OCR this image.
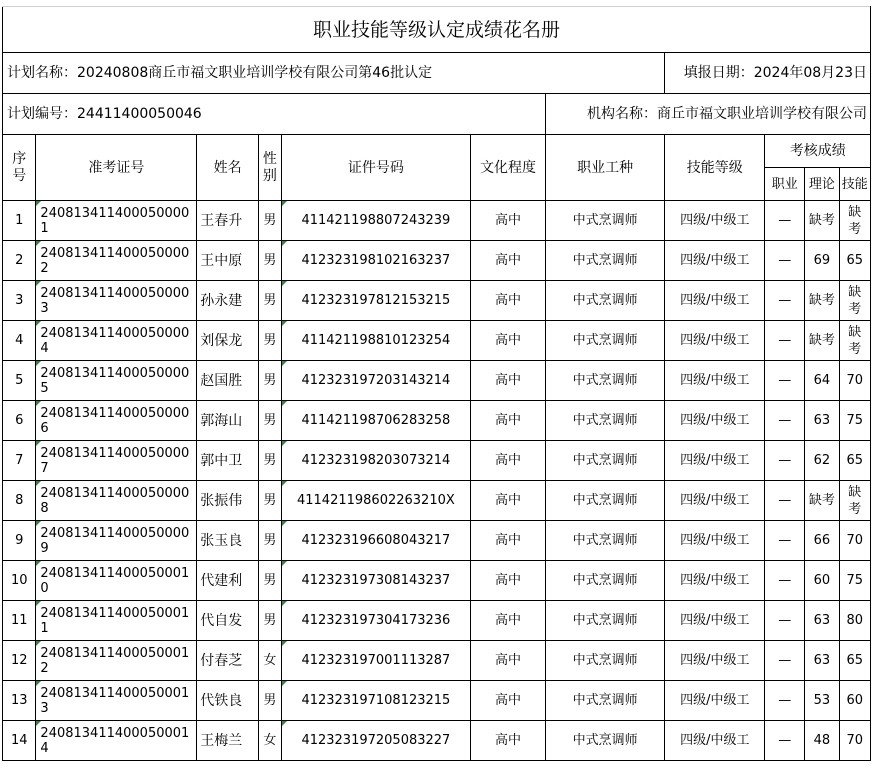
职业技能等级认定成绩花名册										
计划名称：20240808商丘市福文职业培训学校有限公司第46批认定							填报日期：2024年08月23日			
计划编号：24411400050046						机构名称：商丘市福文职业培训学校有限公司				
序号	准考证号	姓名	性别	证件号码	文化程度	职业工种	技能等级	考核成绩		
								职业	理论	技能
1	2408134114000500001	王春升	男	411421198807243239	高中	中式烹调师	四级/中级工	—	缺考	缺考
2	2408134114000500002	王中原	男	412323198102163237	高中	中式烹调师	四级/中级工	—	69	65
3	2408134114000500003	孙永建	男	412323197812153215	高中	中式烹调师	四级/中级工	—	缺考	缺考
4	2408134114000500004	刘保龙	男	411421198810123254	高中	中式烹调师	四级/中级工	—	缺考	缺考
5	2408134114000500005	赵国胜	男	412323197203143214	高中	中式烹调师	四级/中级工	—	64	70
6	2408134114000500006	郭海山	男	411421198706283258	高中	中式烹调师	四级/中级工	—	63	75
7	2408134114000500007	郭中卫	男	412323198203073214	高中	中式烹调师	四级/中级工	—	62	65
8	2408134114000500008	张振伟	男	411421198602263210X	高中	中式烹调师	四级/中级工	—	缺考	缺考
9	2408134114000500009	张玉良	男	412323196608043217	高中	中式烹调师	四级/中级工	—	66	70
10	2408134114000500010	代建利	男	412323197308143237	高中	中式烹调师	四级/中级工	—	60	75
11	2408134114000500011	代自发	男	412323197304173236	高中	中式烹调师	四级/中级工	—	63	80
12	2408134114000500012	付春芝	女	412323197001113287	高中	中式烹调师	四级/中级工	—	63	65
13	2408134114000500013	代铁良	男	412323197108123215	高中	中式烹调师	四级/中级工	—	53	60
14	2408134114000500014	王梅兰	女	412323197205083227	高中	中式烹调师	四级/中级工	—	48	70
